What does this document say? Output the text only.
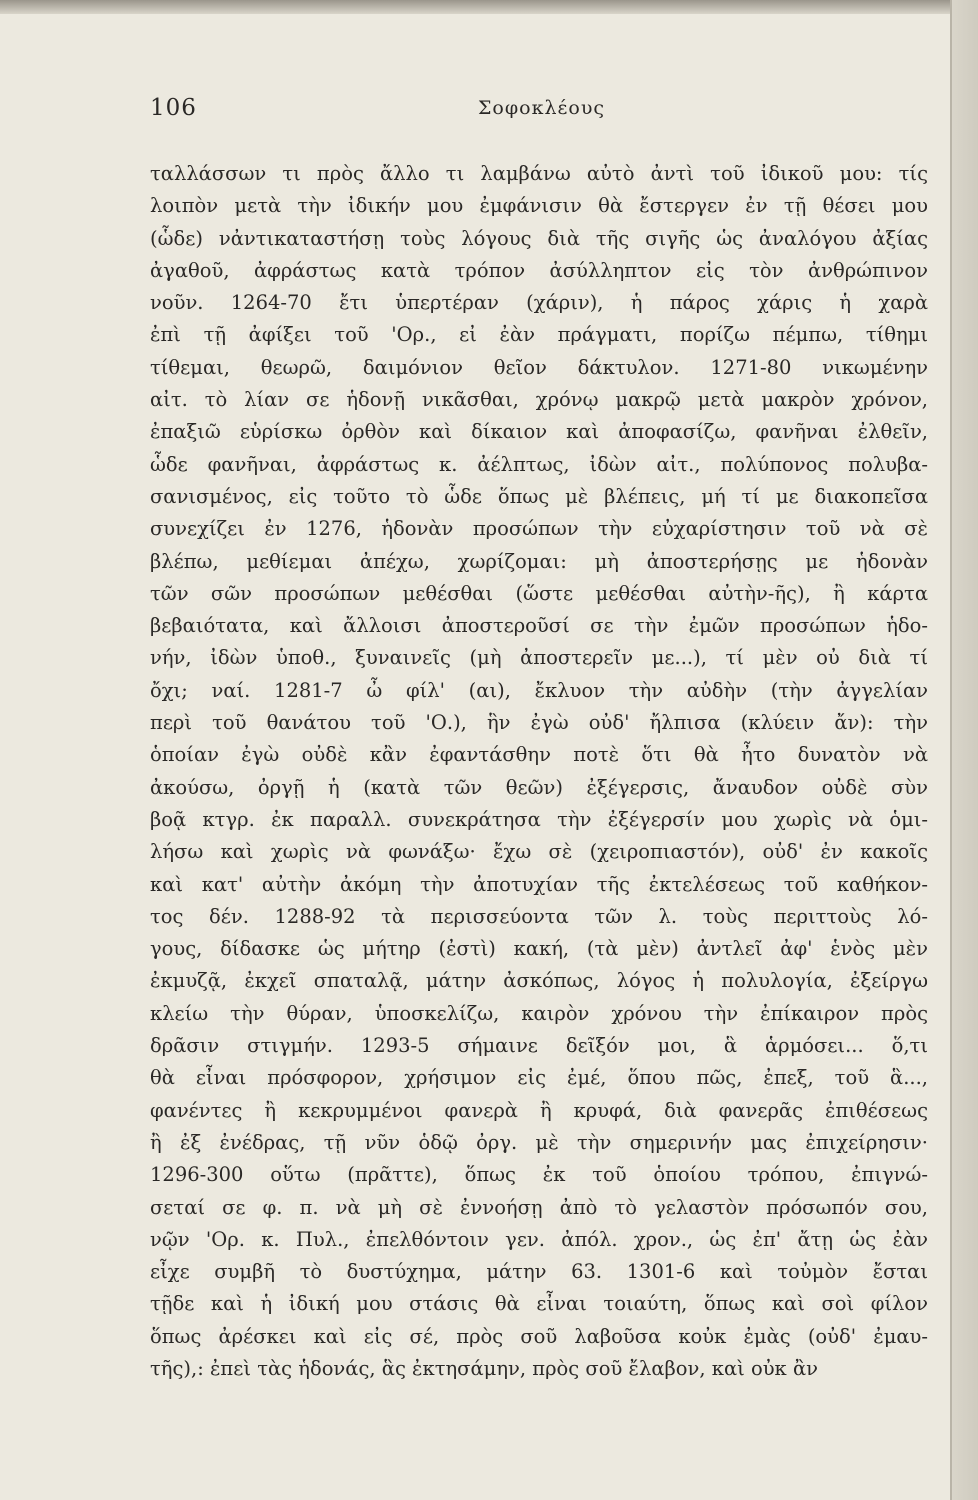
106	Σοφοκλέους
ταλλάσσων τι πρὸς ἄλλο τι λαμβάνω αὐτὸ ἀντὶ τοῦ ἰδικοῦ μου: τίς
λοιπὸν μετὰ τὴν ἰδικήν μου ἐμφάνισιν θὰ ἔστεργεν ἐν τῇ θέσει μου
(ὧδε) νἀντικαταστήσῃ τοὺς λόγους διὰ τῆς σιγῆς ὡς ἀναλόγου ἀξίας
ἀγαθοῦ, ἀφράστως κατὰ τρόπον ἀσύλληπτον εἰς τὸν ἀνθρώπινον
νοῦν. 1264-70 ἔτι ὑπερτέραν (χάριν), ἡ πάρος χάρις ἡ χαρὰ
ἐπὶ τῇ ἀφίξει τοῦ 'Ορ., εἰ ἐὰν πράγματι, πορίζω πέμπω, τίθημι
τίθεμαι, θεωρῶ, δαιμόνιον θεῖον δάκτυλον. 1271-80 νικωμένην
αἰτ. τὸ λίαν σε ἡδονῇ νικᾶσθαι, χρόνῳ μακρῷ μετὰ μακρὸν χρόνον,
ἐπαξιῶ εὑρίσκω ὀρθὸν καὶ δίκαιον καὶ ἀποφασίζω, φανῆναι ἐλθεῖν,
ὧδε φανῆναι, ἀφράστως κ. ἀέλπτως, ἰδὼν αἰτ., πολύπονος πολυβα-
σανισμένος, εἰς τοῦτο τὸ ὧδε ὅπως μὲ βλέπεις, μή τί με διακοπεῖσα
συνεχίζει ἐν 1276, ἡδονὰν προσώπων τὴν εὐχαρίστησιν τοῦ νὰ σὲ
βλέπω, μεθίεμαι ἀπέχω, χωρίζομαι: μὴ ἀποστερήσῃς με ἡδονὰν
τῶν σῶν προσώπων μεθέσθαι (ὥστε μεθέσθαι αὐτὴν-ῆς), ἢ κάρτα
βεβαιότατα, καὶ ἄλλοισι ἀποστεροῦσί σε τὴν ἐμῶν προσώπων ἡδο-
νήν, ἰδὼν ὑποθ., ξυναινεῖς (μὴ ἀποστερεῖν με...), τί μὲν οὐ διὰ τί
ὄχι; ναί. 1281-7 ὦ φίλ' (αι), ἔκλυον τὴν αὐδὴν (τὴν ἀγγελίαν
περὶ τοῦ θανάτου τοῦ 'Ο.), ἣν ἐγὼ οὐδ' ἤλπισα (κλύειν ἄν): τὴν
ὁποίαν ἐγὼ οὐδὲ κἂν ἐφαντάσθην ποτὲ ὅτι θὰ ἦτο δυνατὸν νὰ
ἀκούσω, ὀργῇ ἡ (κατὰ τῶν θεῶν) ἐξέγερσις, ἄναυδον οὐδὲ σὺν
βοᾷ κτγρ. ἐκ παραλλ. συνεκράτησα τὴν ἐξέγερσίν μου χωρὶς νὰ ὁμι-
λήσω καὶ χωρὶς νὰ φωνάξω· ἔχω σὲ (χειροπιαστόν), οὐδ' ἐν κακοῖς
καὶ κατ' αὐτὴν ἀκόμη τὴν ἀποτυχίαν τῆς ἐκτελέσεως τοῦ καθήκον-
τος δέν. 1288-92 τὰ περισσεύοντα τῶν λ. τοὺς περιττοὺς λό-
γους, δίδασκε ὡς μήτηρ (ἐστὶ) κακή, (τὰ μὲν) ἀντλεῖ ἀφ' ἑνὸς μὲν
ἐκμυζᾷ, ἐκχεῖ σπαταλᾷ, μάτην ἀσκόπως, λόγος ἡ πολυλογία, ἐξείργω
κλείω τὴν θύραν, ὑποσκελίζω, καιρὸν χρόνου τὴν ἐπίκαιρον πρὸς
δρᾶσιν στιγμήν. 1293-5 σήμαινε δεῖξόν μοι, ἃ ἁρμόσει... ὅ,τι
θὰ εἶναι πρόσφορον, χρήσιμον εἰς ἐμέ, ὅπου πῶς, ἐπεξ, τοῦ ἃ...,
φανέντες ἢ κεκρυμμένοι φανερὰ ἢ κρυφά, διὰ φανερᾶς ἐπιθέσεως
ἢ ἐξ ἐνέδρας, τῇ νῦν ὁδῷ ὀργ. μὲ τὴν σημερινήν μας ἐπιχείρησιν·
1296-300 οὕτω (πρᾶττε), ὅπως ἐκ τοῦ ὁποίου τρόπου, ἐπιγνώ-
σεταί σε φ. π. νὰ μὴ σὲ ἐννοήσῃ ἀπὸ τὸ γελαστὸν πρόσωπόν σου,
νῷν 'Ορ. κ. Πυλ., ἐπελθόντοιν γεν. ἀπόλ. χρον., ὡς ἐπ' ἄτῃ ὡς ἐὰν
εἶχε συμβῆ τὸ δυστύχημα, μάτην 63. 1301-6 καὶ τοὐμὸν ἔσται
τῇδε καὶ ἡ ἰδική μου στάσις θὰ εἶναι τοιαύτη, ὅπως καὶ σοὶ φίλον
ὅπως ἀρέσκει καὶ εἰς σέ, πρὸς σοῦ λαβοῦσα κοὐκ ἐμὰς (οὐδ' ἐμαυ-
τῆς),: ἐπεὶ τὰς ἡδονάς, ἃς ἐκτησάμην, πρὸς σοῦ ἔλαβον, καὶ οὐκ ἂν
